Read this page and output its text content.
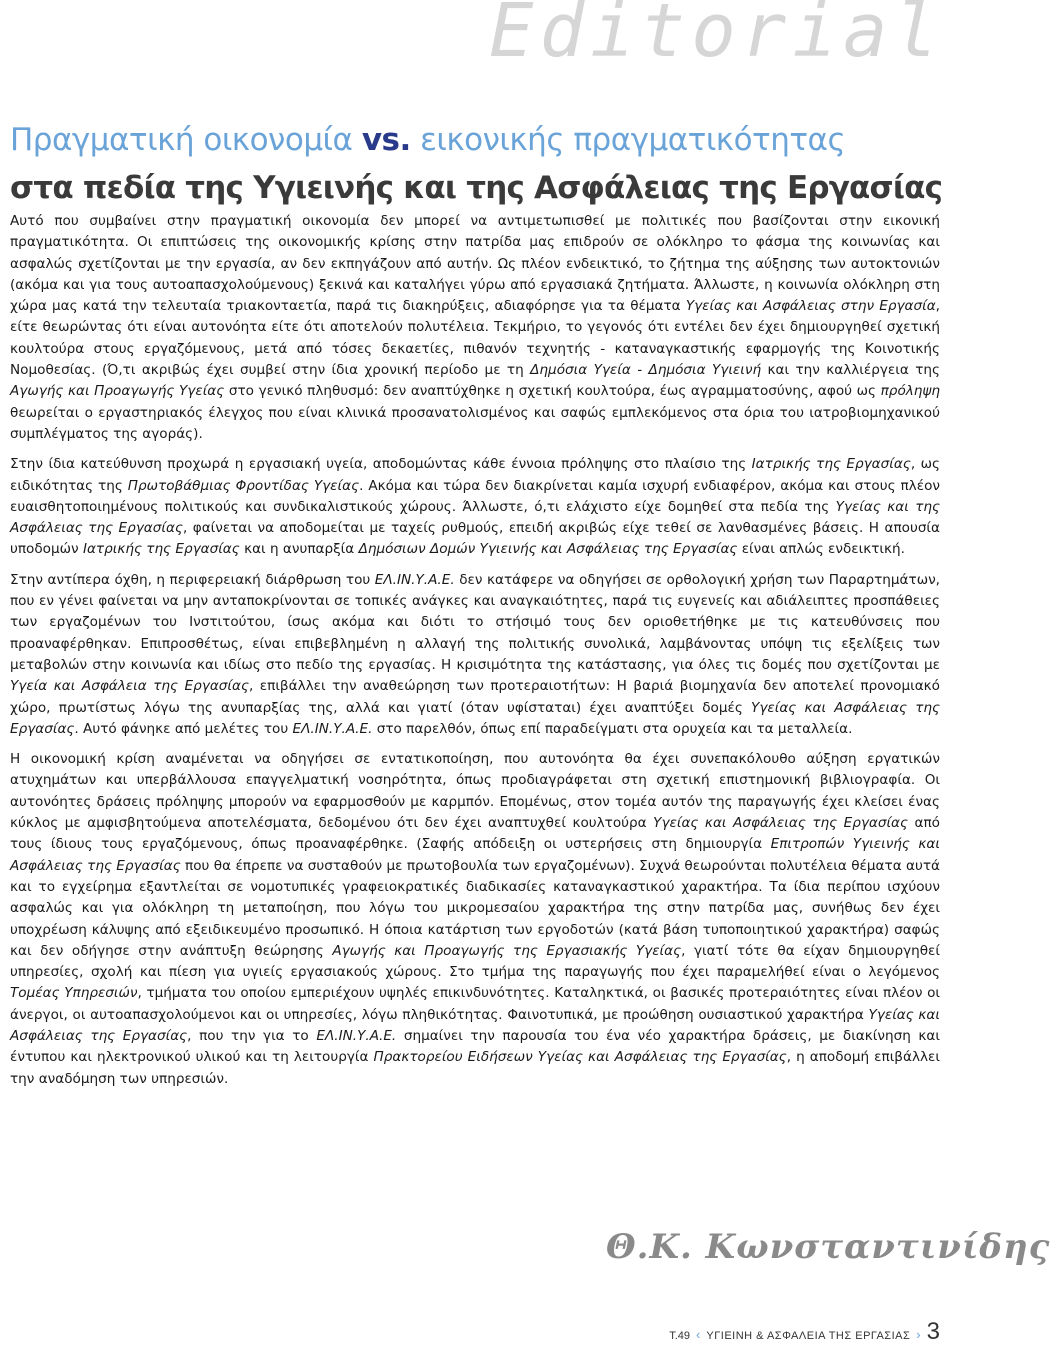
Editorial
Πραγματική οικονομία vs. εικονικής πραγματικότητας
στα πεδία της Υγιεινής και της Ασφάλειας της Εργασίας

Αυτό που συμβαίνει στην πραγματική οικονομία δεν μπορεί να αντιμετωπισθεί με πολιτικές που βασίζονται στην εικονική πραγματικότητα. Οι επιπτώσεις της οικονομικής κρίσης στην πατρίδα μας επιδρούν σε ολόκληρο το φάσμα της κοινωνίας και ασφαλώς σχετίζονται με την εργασία, αν δεν εκπηγάζουν από αυτήν. Ως πλέον ενδεικτικό, το ζήτημα της αύξησης των αυτοκτονιών (ακόμα και για τους αυτοαπασχολούμενους) ξεκινά και καταλήγει γύρω από εργασιακά ζητήματα. Άλλωστε, η κοινωνία ολόκληρη στη χώρα μας κατά την τελευταία τριακονταετία, παρά τις διακηρύξεις, αδιαφόρησε για τα θέματα Υγείας και Ασφάλειας στην Εργασία, είτε θεωρώντας ότι είναι αυτονόητα είτε ότι αποτελούν πολυτέλεια. Τεκμήριο, το γεγονός ότι εντέλει δεν έχει δημιουργηθεί σχετική κουλτούρα στους εργαζόμενους, μετά από τόσες δεκαετίες, πιθανόν τεχνητής - καταναγκαστικής εφαρμογής της Κοινοτικής Νομοθεσίας. (Ό,τι ακριβώς έχει συμβεί στην ίδια χρονική περίοδο με τη Δημόσια Υγεία - Δημόσια Υγιεινή και την καλλιέργεια της Αγωγής και Προαγωγής Υγείας στο γενικό πληθυσμό: δεν αναπτύχθηκε η σχετική κουλτούρα, έως αγραμματοσύνης, αφού ως πρόληψη θεωρείται ο εργαστηριακός έλεγχος που είναι κλινικά προσανατολισμένος και σαφώς εμπλεκόμενος στα όρια του ιατροβιομηχανικού συμπλέγματος της αγοράς).

Στην ίδια κατεύθυνση προχωρά η εργασιακή υγεία, αποδομώντας κάθε έννοια πρόληψης στο πλαίσιο της Ιατρικής της Εργασίας, ως ειδικότητας της Πρωτοβάθμιας Φροντίδας Υγείας. Ακόμα και τώρα δεν διακρίνεται καμία ισχυρή ενδιαφέρον, ακόμα και στους πλέον ευαισθητοποιημένους πολιτικούς και συνδικαλιστικούς χώρους. Άλλωστε, ό,τι ελάχιστο είχε δομηθεί στα πεδία της Υγείας και της Ασφάλειας της Εργασίας, φαίνεται να αποδομείται με ταχείς ρυθμούς, επειδή ακριβώς είχε τεθεί σε λανθασμένες βάσεις. Η απουσία υποδομών Ιατρικής της Εργασίας και η ανυπαρξία Δημόσιων Δομών Υγιεινής και Ασφάλειας της Εργασίας είναι απλώς ενδεικτική.

Στην αντίπερα όχθη, η περιφερειακή διάρθρωση του ΕΛ.ΙΝ.Υ.Α.Ε. δεν κατάφερε να οδηγήσει σε ορθολογική χρήση των Παραρτημάτων, που εν γένει φαίνεται να μην ανταποκρίνονται σε τοπικές ανάγκες και αναγκαιότητες, παρά τις ευγενείς και αδιάλειπτες προσπάθειες των εργαζομένων του Ινστιτούτου, ίσως ακόμα και διότι το στήσιμό τους δεν οριοθετήθηκε με τις κατευθύνσεις που προαναφέρθηκαν. Επιπροσθέτως, είναι επιβεβλημένη η αλλαγή της πολιτικής συνολικά, λαμβάνοντας υπόψη τις εξελίξεις των μεταβολών στην κοινωνία και ιδίως στο πεδίο της εργασίας. Η κρισιμότητα της κατάστασης, για όλες τις δομές που σχετίζονται με Υγεία και Ασφάλεια της Εργασίας, επιβάλλει την αναθεώρηση των προτεραιοτήτων: Η βαριά βιομηχανία δεν αποτελεί προνομιακό χώρο, πρωτίστως λόγω της ανυπαρξίας της, αλλά και γιατί (όταν υφίσταται) έχει αναπτύξει δομές Υγείας και Ασφάλειας της Εργασίας. Αυτό φάνηκε από μελέτες του ΕΛ.ΙΝ.Υ.Α.Ε. στο παρελθόν, όπως επί παραδείγματι στα ορυχεία και τα μεταλλεία.

Η οικονομική κρίση αναμένεται να οδηγήσει σε εντατικοποίηση, που αυτονόητα θα έχει συνεπακόλουθο αύξηση εργατικών ατυχημάτων και υπερβάλλουσα επαγγελματική νοσηρότητα, όπως προδιαγράφεται στη σχετική επιστημονική βιβλιογραφία. Οι αυτονόητες δράσεις πρόληψης μπορούν να εφαρμοσθούν με καρμπόν. Επομένως, στον τομέα αυτόν της παραγωγής έχει κλείσει ένας κύκλος με αμφισβητούμενα αποτελέσματα, δεδομένου ότι δεν έχει αναπτυχθεί κουλτούρα Υγείας και Ασφάλειας της Εργασίας από τους ίδιους τους εργαζόμενους, όπως προαναφέρθηκε. (Σαφής απόδειξη οι υστερήσεις στη δημιουργία Επιτροπών Υγιεινής και Ασφάλειας της Εργασίας που θα έπρεπε να συσταθούν με πρωτοβουλία των εργαζομένων). Συχνά θεωρούνται πολυτέλεια θέματα αυτά και το εγχείρημα εξαντλείται σε νομοτυπικές γραφειοκρατικές διαδικασίες καταναγκαστικού χαρακτήρα. Τα ίδια περίπου ισχύουν ασφαλώς και για ολόκληρη τη μεταποίηση, που λόγω του μικρομεσαίου χαρακτήρα της στην πατρίδα μας, συνήθως δεν έχει υποχρέωση κάλυψης από εξειδικευμένο προσωπικό. Η όποια κατάρτιση των εργοδοτών (κατά βάση τυποποιητικού χαρακτήρα) σαφώς και δεν οδήγησε στην ανάπτυξη θεώρησης Αγωγής και Προαγωγής της Εργασιακής Υγείας, γιατί τότε θα είχαν δημιουργηθεί υπηρεσίες, σχολή και πίεση για υγιείς εργασιακούς χώρους. Στο τμήμα της παραγωγής που έχει παραμελήθεί είναι ο λεγόμενος Τομέας Υπηρεσιών, τμήματα του οποίου εμπεριέχουν υψηλές επικινδυνότητες. Καταληκτικά, οι βασικές προτεραιότητες είναι πλέον οι άνεργοι, οι αυτοαπασχολούμενοι και οι υπηρεσίες, λόγω πληθικότητας. Φαινοτυπικά, με προώθηση ουσιαστικού χαρακτήρα Υγείας και Ασφάλειας της Εργασίας, που την για το ΕΛ.ΙΝ.Υ.Α.Ε. σημαίνει την παρουσία του ένα νέο χαρακτήρα δράσεις, με διακίνηση και έντυπου και ηλεκτρονικού υλικού και τη λειτουργία Πρακτορείου Ειδήσεων Υγείας και Ασφάλειας της Εργασίας, η αποδομή επιβάλλει την αναδόμηση των υπηρεσιών.

Θ.Κ. Κωνσταντινίδης
Τ.49 ‹ ΥΓΙΕΙΝΗ & ΑΣΦΑΛΕΙΑ ΤΗΣ ΕΡΓΑΣΙΑΣ › 3
